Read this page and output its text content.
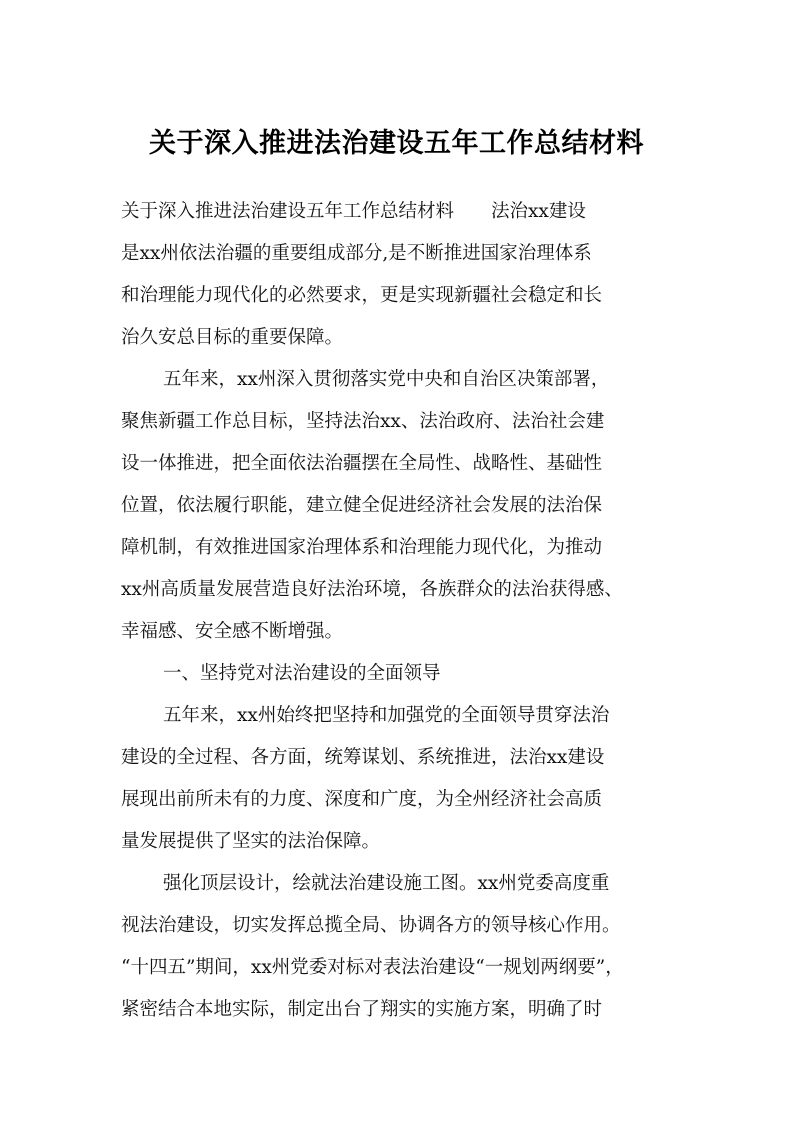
关于深入推进法治建设五年工作总结材料
关于深入推进法治建设五年工作总结材料　　法治xx建设
是xx州依法治疆的重要组成部分,是不断推进国家治理体系
和治理能力现代化的必然要求，更是实现新疆社会稳定和长
治久安总目标的重要保障。
五年来，xx州深入贯彻落实党中央和自治区决策部署，
聚焦新疆工作总目标，坚持法治xx、法治政府、法治社会建
设一体推进，把全面依法治疆摆在全局性、战略性、基础性
位置，依法履行职能，建立健全促进经济社会发展的法治保
障机制，有效推进国家治理体系和治理能力现代化，为推动
xx州高质量发展营造良好法治环境，各族群众的法治获得感、
幸福感、安全感不断增强。
一、坚持党对法治建设的全面领导
五年来，xx州始终把坚持和加强党的全面领导贯穿法治
建设的全过程、各方面，统筹谋划、系统推进，法治xx建设
展现出前所未有的力度、深度和广度，为全州经济社会高质
量发展提供了坚实的法治保障。
强化顶层设计，绘就法治建设施工图。xx州党委高度重
视法治建设，切实发挥总揽全局、协调各方的领导核心作用。
“十四五”期间，xx州党委对标对表法治建设“一规划两纲要”，
紧密结合本地实际，制定出台了翔实的实施方案，明确了时
